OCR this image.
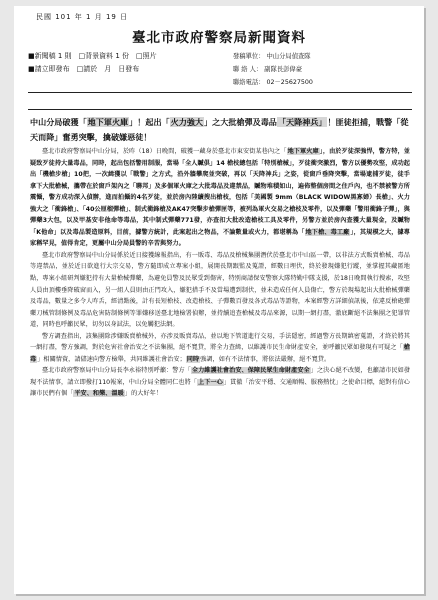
民國 101 年 1 月 19 日
臺北市政府警察局新聞資料
■新聞稿 1 則　□背景資料 1 份　□照片	發稿單位： 中山分局偵查隊
■請立即發布　□請於　月　日發布	聯 絡 人： 副隊長彭偉豪
聯絡電話： 02－25627500
中山分局破獲「地下軍火庫」！起出「火力強大」之大批槍彈及毒品「天降神兵」！匪徒拒捕，戰警「從天而降」奮勇突擊，擒破嫌惡徒！

臺北市政府警察局中山分局，於昨（18）日晚間，破獲一藏身於臺北市東安街某巷內之「地下軍火庫」，由於歹徒深強悍，警方特，並疑致歹徒持大量毒品，同時，起出包括警用制服，當場「全人贓俱」14 槍枝總包括「特別槍械」，歹徒衝突激烈，警方以優勢攻堅，成功起出「機槍步槍」10把，一次緝獲以「戰警」之方式，沿外牆攀爬並突破，再以「天降神兵」之姿，從窗戶垂降突擊，當場逮捕歹徒，徒手拿下大批槍械，攜帶在於窗戶架內之「聯邦」及多個軍火庫之大批毒品及違禁品，贓物堆積如山，遍佈整個房間之住戶內，也不禁被警方所震懾，警方成功深入偵辦，進而拍攝的4名歹徒，並於房內陸續搜出槍枝，包括「美國製 9mm（BLACK WIDOW黑寡婦）長槍」、火力強大之「衝鋒槍」、「40公厘榴彈槍」、制式衝鋒槍及AK47突擊步槍彈匣等，被列為軍火交易之槍枝及零件，以及彈藥「警用衝鋒子彈」，與彈藥3大包，以及甲基安非他命等毒品，其中制式彈藥771發，亦查扣大批改造槍枝工具及零件，另警方並於房內查獲大量現金，及贓物「K他命」以及毒品製造原料，目前，據警方統計，此案起出之物品，不論數量或火力，都堪稱為「地下槍、毒工廠」，其規模之大，據專家稱罕見，值得肯定，更屬中山分局員警的辛苦與努力。

臺北市政府警察局中山分局係於近日接獲線報指出，有一販毒、毒品及槍械集團潛伏於臺北市中山區一帶，以非法方式販賣槍械、毒品等違禁品，並於近日欲進行大宗交易，警方隨即成立專案小組，展開長期跟監及蒐證，經數日埋伏，終於發現嫌犯行蹤，並掌握其藏匿地點，專案小組研判嫌犯持有大量槍械彈藥，為避免員警及民眾受到傷害，特別商請保安警察大隊特勤中隊支援，於18日晚間執行搜索，攻堅人員由頂樓垂降破窗而入，另一組人員則由正門攻入，嫌犯措手不及當場遭到制伏，並未造成任何人員傷亡，警方於現場起出大批槍械彈藥及毒品，數量之多令人咋舌，經清點後，計有長短槍枝、改造槍枝、子彈數百發及各式毒品等證物，本案經警方詳細偵訊後，依違反槍砲彈藥刀械管制條例及毒品危害防制條例等罪嫌移送臺北地檢署偵辦，並持續追查槍械及毒品來源，以期一網打盡，澈底斷絕不法集團之犯罪管道，同時也呼籲民眾，切勿以身試法，以免觸犯法網。

警方調查指出，該集團除涉嫌販賣槍械外，亦涉及販賣毒品，並以地下管道進行交易，手法隱密，經過警方長期縝密蒐證，才終於將其一網打盡，警方強調，對於危害社會治安之不法集團，絕不寬貸，將全力查緝，以維護市民生命財產安全，並呼籲民眾如發現有可疑之「槍毒」相關情資，請儘速向警方檢舉，共同維護社會治安；同時強調，如有不法情事，將依法嚴辦，絕不寬貸。

臺北市政府警察局中山分局長李永裕特別呼籲：警方「全力維護社會治安、保障民眾生命財產安全」之決心絕不改變，也籲請市民如發現不法情事，請立即撥打110報案，中山分局全體同仁也將「上下一心」貫徹「治安平穩、交通順暢、服務熱忱」之使命目標，絕對有信心讓市民們有個「平安、和樂、溫暖」的大好年！
